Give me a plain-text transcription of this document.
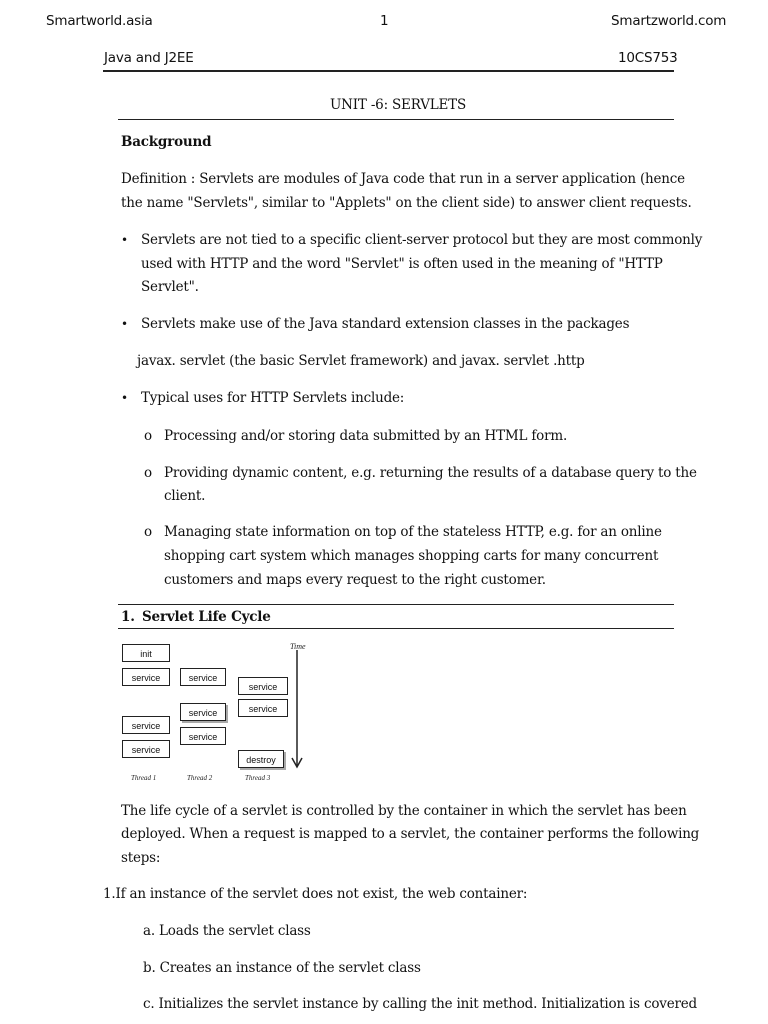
Smartworld.asia	1	Smartzworld.com
Java and J2EE	10CS753
UNIT -6: SERVLETS
Background
Definition : Servlets are modules of Java code that run in a server application (hence
the name "Servlets", similar to "Applets" on the client side) to answer client requests.
• Servlets are not tied to a specific client-server protocol but they are most commonly
used with HTTP and the word "Servlet" is often used in the meaning of "HTTP
Servlet".
• Servlets make use of the Java standard extension classes in the packages
javax. servlet (the basic Servlet framework) and javax. servlet .http
• Typical uses for HTTP Servlets include:
o Processing and/or storing data submitted by an HTML form.
o Providing dynamic content, e.g. returning the results of a database query to the
client.
o Managing state information on top of the stateless HTTP, e.g. for an online
shopping cart system which manages shopping carts for many concurrent
customers and maps every request to the right customer.
1. Servlet Life Cycle
init
service	service
service
service
service
service
service
service
destroy
Thread 1	Thread 2	Thread 3
Time
The life cycle of a servlet is controlled by the container in which the servlet has been
deployed. When a request is mapped to a servlet, the container performs the following
steps:
1.If an instance of the servlet does not exist, the web container:
a. Loads the servlet class
b. Creates an instance of the servlet class
c. Initializes the servlet instance by calling the init method. Initialization is covered
